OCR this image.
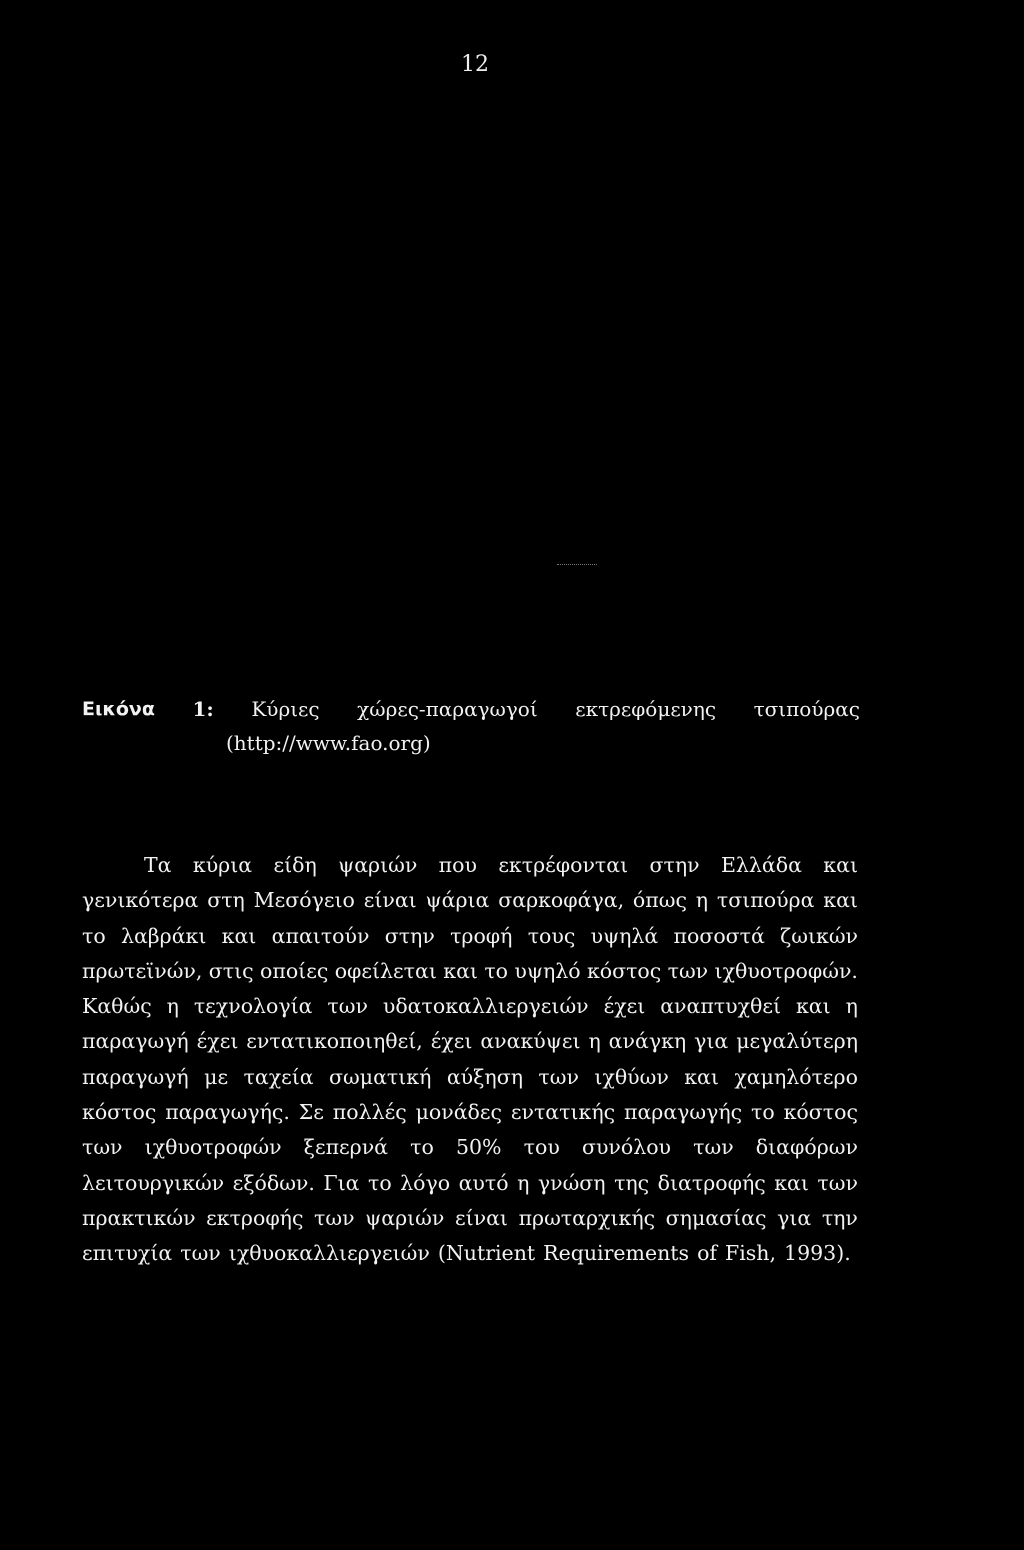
12
Εικόνα 1: Κύριες χώρες-παραγωγοί εκτρεφόμενης τσιπούρας
(http://www.fao.org)
Τα κύρια είδη ψαριών που εκτρέφονται στην Ελλάδα και
γενικότερα στη Μεσόγειο είναι ψάρια σαρκοφάγα, όπως η τσιπούρα και
το λαβράκι και απαιτούν στην τροφή τους υψηλά ποσοστά ζωικών
πρωτεϊνών, στις οποίες οφείλεται και το υψηλό κόστος των ιχθυοτροφών.
Καθώς η τεχνολογία των υδατοκαλλιεργειών έχει αναπτυχθεί και η
παραγωγή έχει εντατικοποιηθεί, έχει ανακύψει η ανάγκη για μεγαλύτερη
παραγωγή με ταχεία σωματική αύξηση των ιχθύων και χαμηλότερο
κόστος παραγωγής. Σε πολλές μονάδες εντατικής παραγωγής το κόστος
των ιχθυοτροφών ξεπερνά το 50% του συνόλου των διαφόρων
λειτουργικών εξόδων. Για το λόγο αυτό η γνώση της διατροφής και των
πρακτικών εκτροφής των ψαριών είναι πρωταρχικής σημασίας για την
επιτυχία των ιχθυοκαλλιεργειών (Nutrient Requirements of Fish, 1993).
